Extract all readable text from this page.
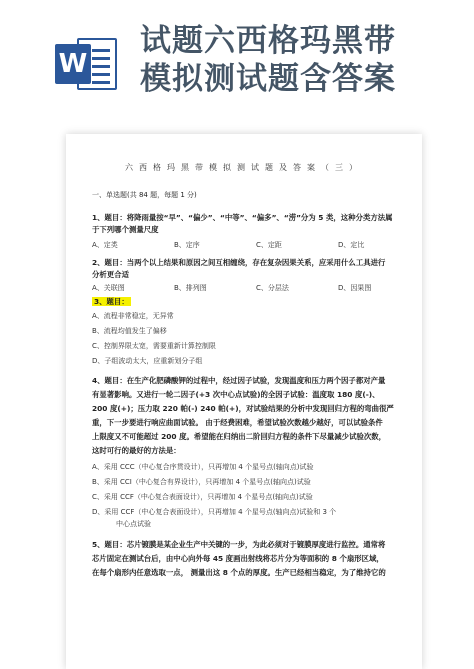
W
试题六西格玛黑带
模拟测试题含答案
六西格玛黑带模拟测试题及答案（三）
一、单选题(共 84 题，每题 1 分)
1、题目：将降雨量按“早”、“偏少”、“中等”、“偏多”、“涝”分为 5 类，这种分类方法属
于下列哪个测量尺度
A、定类	B、定序	C、定距	D、定比
2、题目：当两个以上结果和原因之间互相缠绕，存在复杂因果关系，应采用什么工具进行
分析更合适
A、关联图	B、排列图	C、分层法	D、因果图
3、题目：
A、流程非常稳定，无异常
B、流程均值发生了偏移
C、控制界限太宽，需要重新计算控制限
D、子组波动太大，应重新划分子组
4、题目：在生产化肥磷酸钾的过程中，经过因子试验，发现温度和压力两个因子都对产量
有显著影响。又进行一轮二因子(+3 次中心点试验)的全因子试验：温度取 180 度(-)、
200 度(+)；压力取 220 帕(-) 240 帕(+)，对试验结果的分析中发现回归方程的弯曲很严
重，下一步要进行响应曲面试验。 由于经费困难，希望试验次数越少越好，可以试验条件
上限度又不可能超过 200 度。希望能在归纳出二阶回归方程的条件下尽量减少试验次数，
这时可行的最好的方法是：
A、采用 CCC（中心复合序贯设计），只再增加 4 个星号点(轴向点)试验
B、采用 CCI（中心复合有界设计），只再增加 4 个星号点(轴向点)试验
C、采用 CCF（中心复合表面设计），只再增加 4 个星号点(轴向点)试验
D、采用 CCF（中心复合表面设计），只再增加 4 个星号点(轴向点)试验和 3 个
中心点试验
5、题目：芯片镀膜是某企业生产中关键的一步，为此必须对于镀膜厚度进行监控。通常将
芯片固定在测试台后，由中心向外每 45 度画出射线将芯片分为等面积的 8 个扇形区域，
在每个扇形内任意选取一点， 测量出这 8 个点的厚度。生产已经相当稳定，为了维持它的
